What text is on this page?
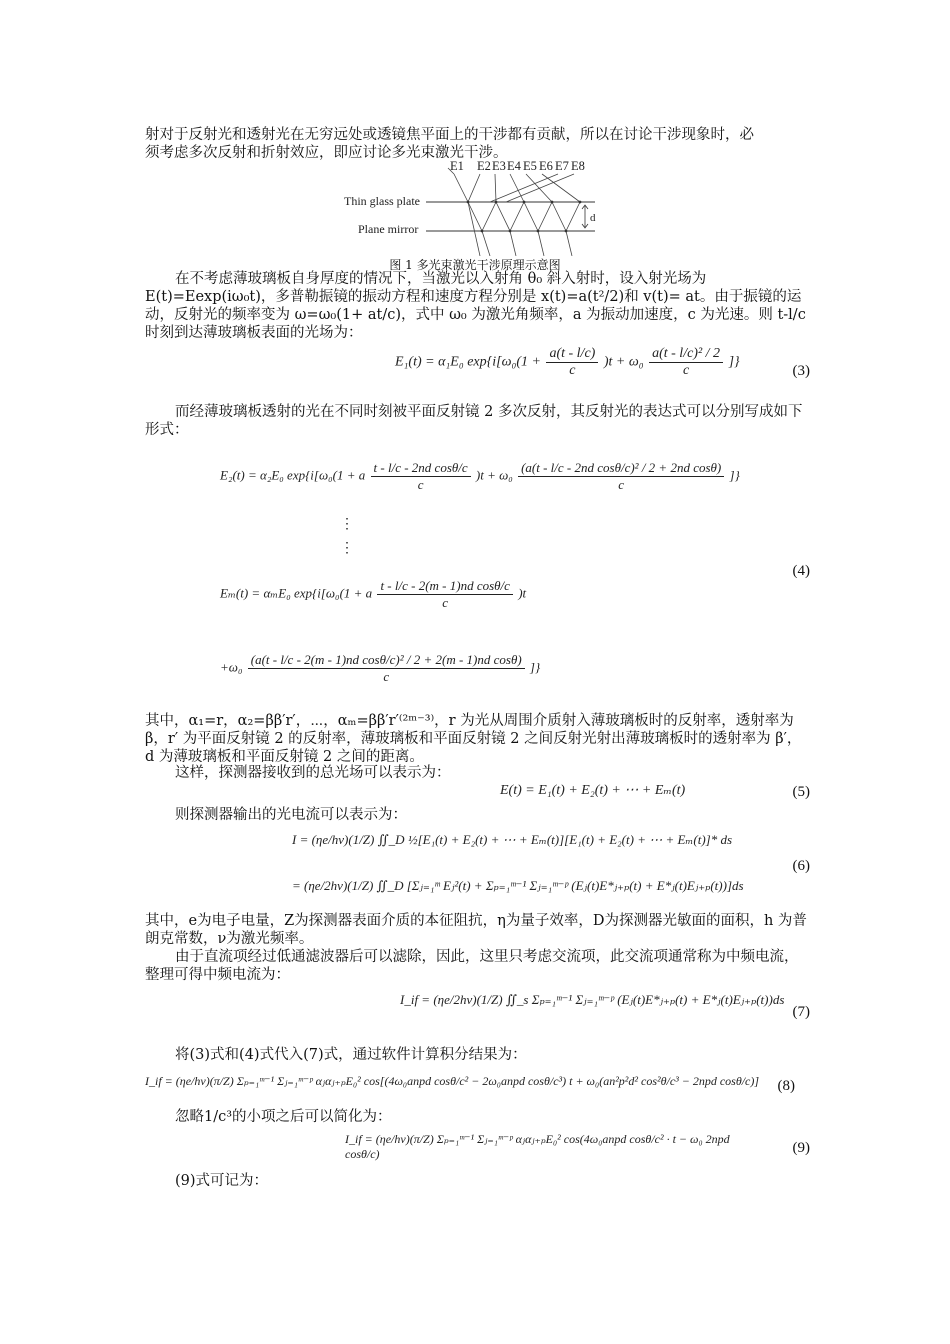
射对于反射光和透射光在无穷远处或透镜焦平面上的干涉都有贡献，所以在讨论干涉现象时，必
须考虑多次反射和折射效应，即应讨论多光束激光干涉。
E1 E2 E3 E4 E5 E6 E7 E8
Thin glass plate
Plane mirror
d
图 1 多光束激光干涉原理示意图

在不考虑薄玻璃板自身厚度的情况下，当激光以入射角 θ₀ 斜入射时，设入射光场为 E(t)=Eexp(iω₀t)，多普勒振镜的振动方程和速度方程分别是 x(t)=a(t²/2)和 v(t)= at。由于振镜的运动，反射光的频率变为 ω=ω₀(1+ at/c)，式中 ω₀ 为激光角频率，a 为振动加速度，c 为光速。则 t-l/c 时刻到达薄玻璃板表面的光场为：

E₁(t) = α₁E₀ $\exp\{i[\omega_0(1 + \frac{a(t - l/c)}{c} )t + \omega_0 \frac{\text{a(t - l/c)² / 2}}{c}$ ]}
(3)

而经薄玻璃板透射的光在不同时刻被平面反射镜 2 多次反射，其反射光的表达式可以分别写成如下形式：

E₂(t) = α₂E₀ exp{i[ω₀(1 + a $\frac{\text{t - l/c - 2nd cosθ/c}}{c} )t + \omega_0 \frac{\text{(a(t - l/c - 2nd cosθ/c)² / 2 + 2nd cosθ)}}{c}$ ]}
⋮
⋮
Eₘ(t) = αₘE₀ exp{i[ω₀(1 + a $\frac{\text{t - l/c - 2(m - 1)nd cosθ/c}}{c} )t$
(4)
$+\omega_0 \frac{\text{(a(t - l/c - 2(m - 1)nd cosθ/c)² / 2 + 2(m - 1)nd cosθ)}}{c}$ ]}

其中，α₁=r，α₂=ββ′r′，⋯，αₘ=ββ′r′⁽²ᵐ⁻³⁾，r 为光从周围介质射入薄玻璃板时的反射率，透射率为 β，r′ 为平面反射镜 2 的反射率，薄玻璃板和平面反射镜 2 之间反射光射出薄玻璃板时的透射率为 β′，d 为薄玻璃板和平面反射镜 2 之间的距离。

这样，探测器接收到的总光场可以表示为：

E(t) = E₁(t) + E₂(t) + ⋯ + Eₘ(t)	(5)

则探测器输出的光电流可以表示为：

I = (ηe/hν)(1/Z) ∬_D ½[E₁(t) + E₂(t) + ⋯ + Eₘ(t)][E₁(t) + E₂(t) + ⋯ + Eₘ(t)]* ds
= (ηe/2hν)(1/Z) ∬_D [Σⱼ₌₁ᵐ Eⱼ²(t) + Σₚ₌₁ᵐ⁻¹ Σⱼ₌₁ᵐ⁻ᵖ (Eⱼ(t)E*ⱼ₊ₚ(t) + E*ⱼ(t)Eⱼ₊ₚ(t))]ds
(6)

其中，e为电子电量，Z为探测器表面介质的本征阻抗，η为量子效率，D为探测器光敏面的面积，h 为普朗克常数，ν为激光频率。

由于直流项经过低通滤波器后可以滤除，因此，这里只考虑交流项，此交流项通常称为中频电流，整理可得中频电流为：

I_if = (ηe/2hν)(1/Z) ∬_s Σₚ₌₁ᵐ⁻¹ Σⱼ₌₁ᵐ⁻ᵖ (Eⱼ(t)E*ⱼ₊ₚ(t) + E*ⱼ(t)Eⱼ₊ₚ(t))ds
(7)

将(3)式和(4)式代入(7)式，通过软件计算积分结果为：

I_if = (ηe/hν)(π/Z) Σₚ₌₁ᵐ⁻¹ Σⱼ₌₁ᵐ⁻ᵖ αⱼαⱼ₊ₚE₀² cos[(4ω₀anpd cosθ/c² − 2ω₀anpd cosθ/c³) t + ω₀(an²p²d² cos²θ/c³ − 2npd cosθ/c)]	(8)

忽略1/c³的小项之后可以简化为：

I_if = (ηe/hν)(π/Z) Σₚ₌₁ᵐ⁻¹ Σⱼ₌₁ᵐ⁻ᵖ αⱼαⱼ₊ₚE₀² cos(4ω₀anpd cosθ/c² · t − ω₀ 2npd cosθ/c)	(9)

(9)式可记为：
